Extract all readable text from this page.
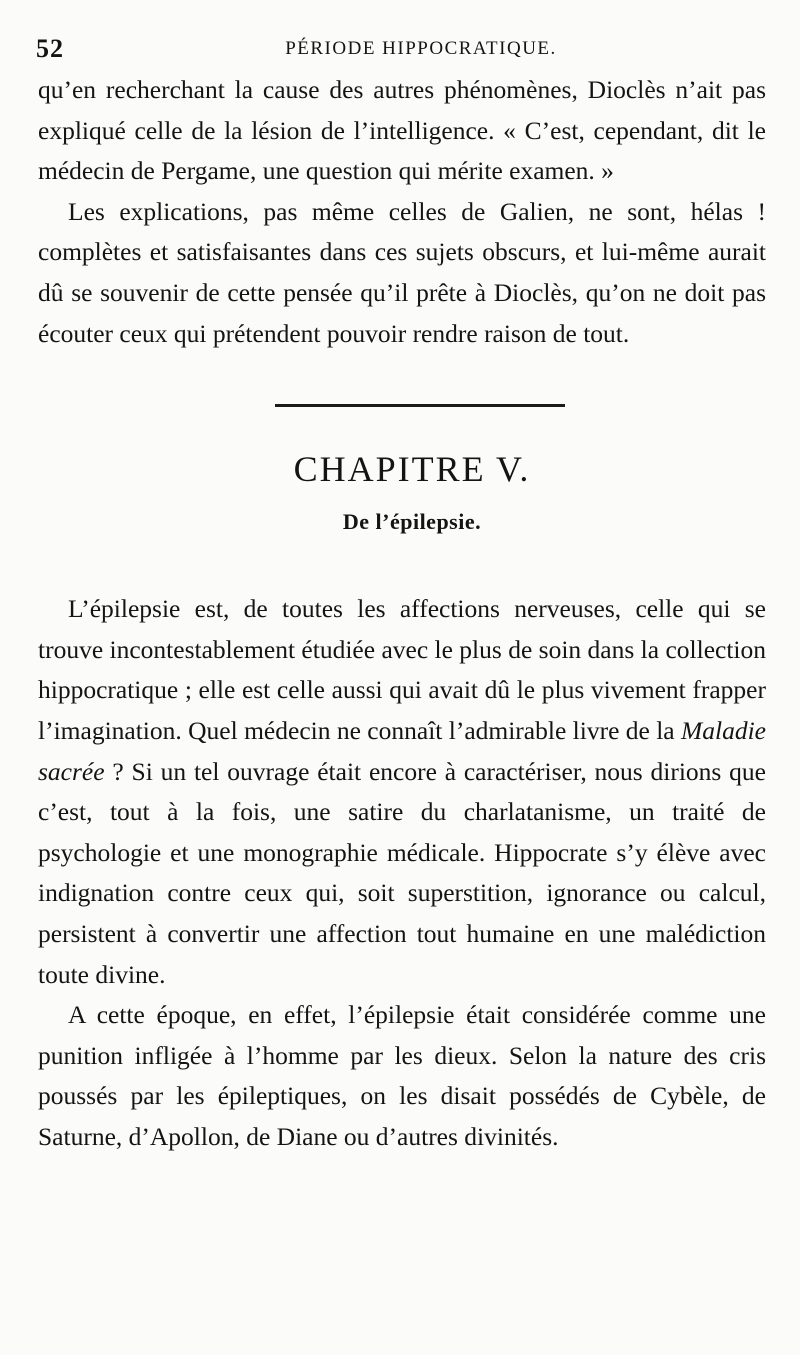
52	PÉRIODE HIPPOCRATIQUE.

qu’en recherchant la cause des autres phénomènes, Dioclès n’ait pas expliqué celle de la lésion de l’intelligence. « C’est, cependant, dit le médecin de Pergame, une question qui mérite examen. »

Les explications, pas même celles de Galien, ne sont, hélas ! complètes et satisfaisantes dans ces sujets obscurs, et lui-même aurait dû se souvenir de cette pensée qu’il prête à Dioclès, qu’on ne doit pas écouter ceux qui prétendent pouvoir rendre raison de tout.

CHAPITRE V.
De l’épilepsie.

L’épilepsie est, de toutes les affections nerveuses, celle qui se trouve incontestablement étudiée avec le plus de soin dans la collection hippocratique ; elle est celle aussi qui avait dû le plus vivement frapper l’imagination. Quel médecin ne connaît l’admirable livre de la Maladie sacrée ? Si un tel ouvrage était encore à caractériser, nous dirions que c’est, tout à la fois, une satire du charlatanisme, un traité de psychologie et une monographie médicale. Hippocrate s’y élève avec indignation contre ceux qui, soit superstition, ignorance ou calcul, persistent à convertir une affection tout humaine en une malédiction toute divine.

A cette époque, en effet, l’épilepsie était considérée comme une punition infligée à l’homme par les dieux. Selon la nature des cris poussés par les épileptiques, on les disait possédés de Cybèle, de Saturne, d’Apollon, de Diane ou d’autres divinités.
